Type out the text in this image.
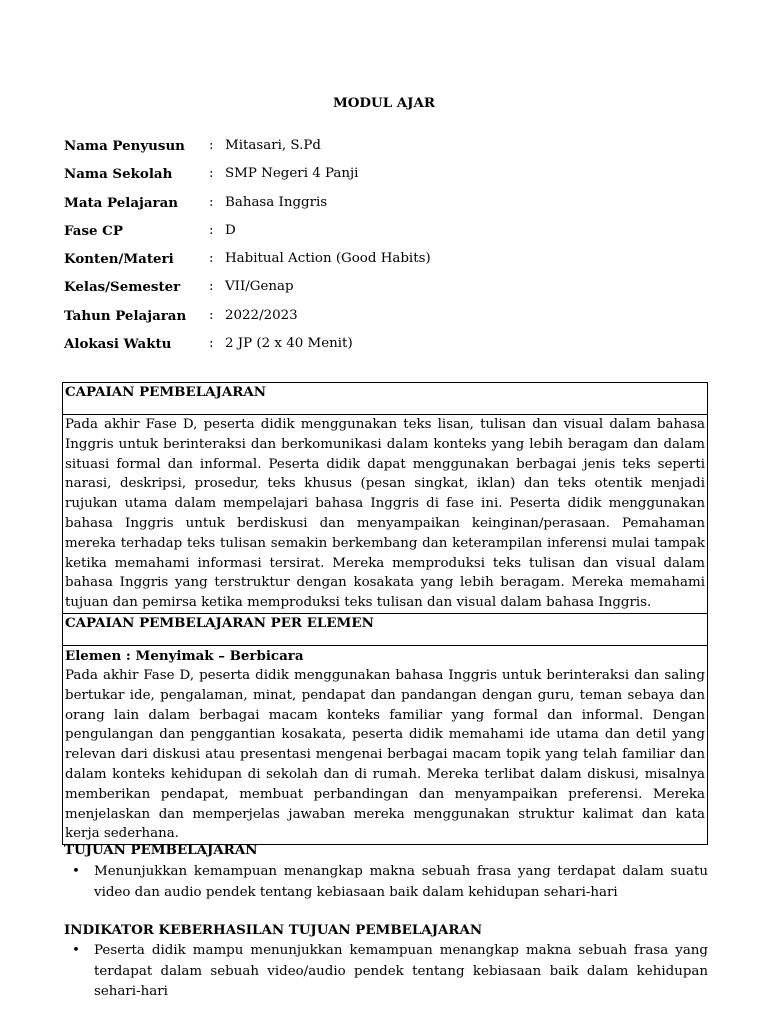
MODUL AJAR
Nama Penyusun	: Mitasari, S.Pd
Nama Sekolah	: SMP Negeri 4 Panji
Mata Pelajaran	: Bahasa Inggris
Fase CP	: D
Konten/Materi	: Habitual Action (Good Habits)
Kelas/Semester	: VII/Genap
Tahun Pelajaran	: 2022/2023
Alokasi Waktu	: 2 JP (2 x 40 Menit)
CAPAIAN PEMBELAJARAN
Pada akhir Fase D, peserta didik menggunakan teks lisan, tulisan dan visual dalam bahasa Inggris untuk berinteraksi dan berkomunikasi dalam konteks yang lebih beragam dan dalam situasi formal dan informal. Peserta didik dapat menggunakan berbagai jenis teks seperti narasi, deskripsi, prosedur, teks khusus (pesan singkat, iklan) dan teks otentik menjadi rujukan utama dalam mempelajari bahasa Inggris di fase ini. Peserta didik menggunakan bahasa Inggris untuk berdiskusi dan menyampaikan keinginan/perasaan. Pemahaman mereka terhadap teks tulisan semakin berkembang dan keterampilan inferensi mulai tampak ketika memahami informasi tersirat. Mereka memproduksi teks tulisan dan visual dalam bahasa Inggris yang terstruktur dengan kosakata yang lebih beragam. Mereka memahami tujuan dan pemirsa ketika memproduksi teks tulisan dan visual dalam bahasa Inggris.
CAPAIAN PEMBELAJARAN PER ELEMEN
Elemen : Menyimak – Berbicara
Pada akhir Fase D, peserta didik menggunakan bahasa Inggris untuk berinteraksi dan saling bertukar ide, pengalaman, minat, pendapat dan pandangan dengan guru, teman sebaya dan orang lain dalam berbagai macam konteks familiar yang formal dan informal. Dengan pengulangan dan penggantian kosakata, peserta didik memahami ide utama dan detil yang relevan dari diskusi atau presentasi mengenai berbagai macam topik yang telah familiar dan dalam konteks kehidupan di sekolah dan di rumah. Mereka terlibat dalam diskusi, misalnya memberikan pendapat, membuat perbandingan dan menyampaikan preferensi. Mereka menjelaskan dan memperjelas jawaban mereka menggunakan struktur kalimat dan kata kerja sederhana.
TUJUAN PEMBELAJARAN
•	Menunjukkan kemampuan menangkap makna sebuah frasa yang terdapat dalam suatu video dan audio pendek tentang kebiasaan baik dalam kehidupan sehari-hari
INDIKATOR KEBERHASILAN TUJUAN PEMBELAJARAN
•	Peserta didik mampu menunjukkan kemampuan menangkap makna sebuah frasa yang terdapat dalam sebuah video/audio pendek tentang kebiasaan baik dalam kehidupan sehari-hari
